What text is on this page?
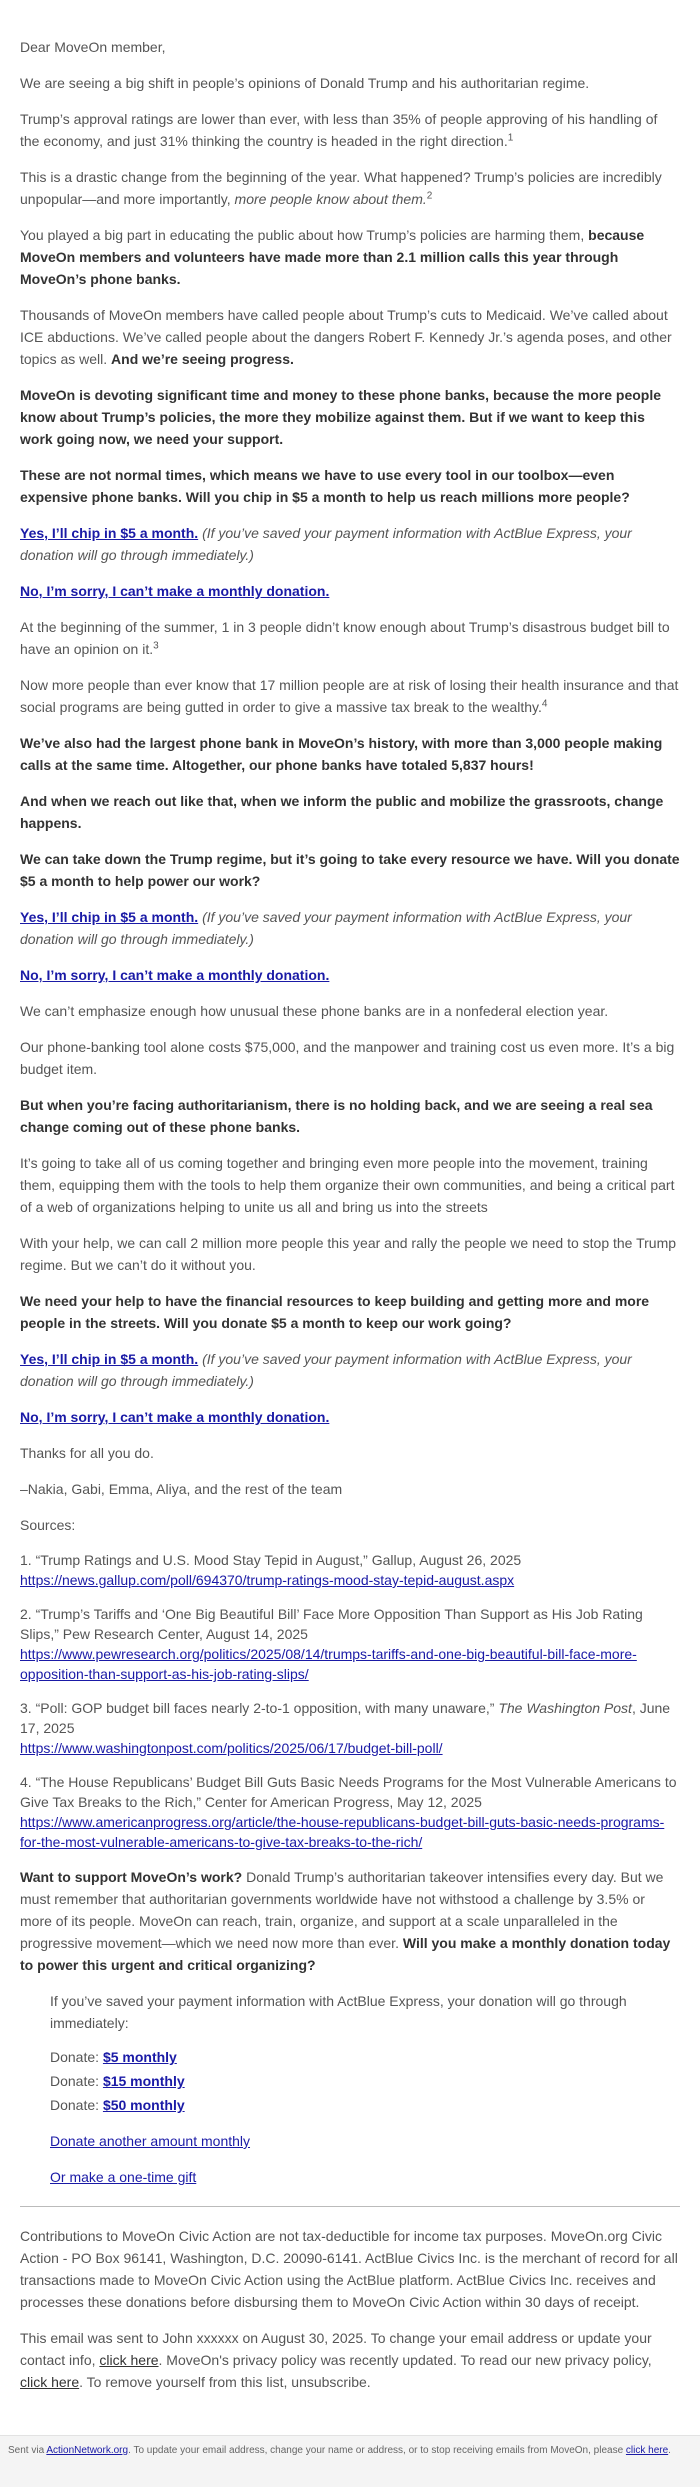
Dear MoveOn member,

We are seeing a big shift in people’s opinions of Donald Trump and his authoritarian regime.

Trump’s approval ratings are lower than ever, with less than 35% of people approving of his handling of the economy, and just 31% thinking the country is headed in the right direction.$^1$

This is a drastic change from the beginning of the year. What happened? Trump’s policies are incredibly unpopular—and more importantly, more people know about them.$^2$

You played a big part in educating the public about how Trump’s policies are harming them, because MoveOn members and volunteers have made more than 2.1 million calls this year through MoveOn’s phone banks.

Thousands of MoveOn members have called people about Trump’s cuts to Medicaid. We’ve called about ICE abductions. We’ve called people about the dangers Robert F. Kennedy Jr.’s agenda poses, and other topics as well. And we’re seeing progress.

MoveOn is devoting significant time and money to these phone banks, because the more people know about Trump’s policies, the more they mobilize against them. But if we want to keep this work going now, we need your support.

These are not normal times, which means we have to use every tool in our toolbox—even expensive phone banks. Will you chip in $5 a month to help us reach millions more people?

Yes, I’ll chip in $5 a month. (If you’ve saved your payment information with ActBlue Express, your donation will go through immediately.)

No, I’m sorry, I can’t make a monthly donation.

At the beginning of the summer, 1 in 3 people didn’t know enough about Trump’s disastrous budget bill to have an opinion on it.$^3$

Now more people than ever know that 17 million people are at risk of losing their health insurance and that social programs are being gutted in order to give a massive tax break to the wealthy.$^4$

We’ve also had the largest phone bank in MoveOn’s history, with more than 3,000 people making calls at the same time. Altogether, our phone banks have totaled 5,837 hours!

And when we reach out like that, when we inform the public and mobilize the grassroots, change happens.

We can take down the Trump regime, but it’s going to take every resource we have. Will you donate $5 a month to help power our work?

Yes, I’ll chip in $5 a month. (If you’ve saved your payment information with ActBlue Express, your donation will go through immediately.)

No, I’m sorry, I can’t make a monthly donation.

We can’t emphasize enough how unusual these phone banks are in a nonfederal election year.

Our phone-banking tool alone costs $75,000, and the manpower and training cost us even more. It’s a big budget item.

But when you’re facing authoritarianism, there is no holding back, and we are seeing a real sea change coming out of these phone banks.

It’s going to take all of us coming together and bringing even more people into the movement, training them, equipping them with the tools to help them organize their own communities, and being a critical part of a web of organizations helping to unite us all and bring us into the streets

With your help, we can call 2 million more people this year and rally the people we need to stop the Trump regime. But we can’t do it without you.

We need your help to have the financial resources to keep building and getting more and more people in the streets. Will you donate $5 a month to keep our work going?

Yes, I’ll chip in $5 a month. (If you’ve saved your payment information with ActBlue Express, your donation will go through immediately.)

No, I’m sorry, I can’t make a monthly donation.

Thanks for all you do.

–Nakia, Gabi, Emma, Aliya, and the rest of the team

Sources:

1. “Trump Ratings and U.S. Mood Stay Tepid in August,” Gallup, August 26, 2025
https://news.gallup.com/poll/694370/trump-ratings-mood-stay-tepid-august.aspx

2. “Trump’s Tariffs and ‘One Big Beautiful Bill’ Face More Opposition Than Support as His Job Rating Slips,” Pew Research Center, August 14, 2025
https://www.pewresearch.org/politics/2025/08/14/trumps-tariffs-and-one-big-beautiful-bill-face-more-opposition-than-support-as-his-job-rating-slips/

3. “Poll: GOP budget bill faces nearly 2-to-1 opposition, with many unaware,” The Washington Post, June 17, 2025
https://www.washingtonpost.com/politics/2025/06/17/budget-bill-poll/

4. “The House Republicans’ Budget Bill Guts Basic Needs Programs for the Most Vulnerable Americans to Give Tax Breaks to the Rich,” Center for American Progress, May 12, 2025
https://www.americanprogress.org/article/the-house-republicans-budget-bill-guts-basic-needs-programs-for-the-most-vulnerable-americans-to-give-tax-breaks-to-the-rich/

Want to support MoveOn’s work? Donald Trump’s authoritarian takeover intensifies every day. But we must remember that authoritarian governments worldwide have not withstood a challenge by 3.5% or more of its people. MoveOn can reach, train, organize, and support at a scale unparalleled in the progressive movement—which we need now more than ever. Will you make a monthly donation today to power this urgent and critical organizing?

If you’ve saved your payment information with ActBlue Express, your donation will go through immediately:

Donate: $5 monthly
Donate: $15 monthly
Donate: $50 monthly

Donate another amount monthly

Or make a one-time gift

Contributions to MoveOn Civic Action are not tax-deductible for income tax purposes. MoveOn.org Civic Action - PO Box 96141, Washington, D.C. 20090-6141. ActBlue Civics Inc. is the merchant of record for all transactions made to MoveOn Civic Action using the ActBlue platform. ActBlue Civics Inc. receives and processes these donations before disbursing them to MoveOn Civic Action within 30 days of receipt.

This email was sent to John xxxxxx on August 30, 2025. To change your email address or update your contact info, click here. MoveOn's privacy policy was recently updated. To read our new privacy policy, click here. To remove yourself from this list, unsubscribe.

Sent via ActionNetwork.org. To update your email address, change your name or address, or to stop receiving emails from MoveOn, please click here.
